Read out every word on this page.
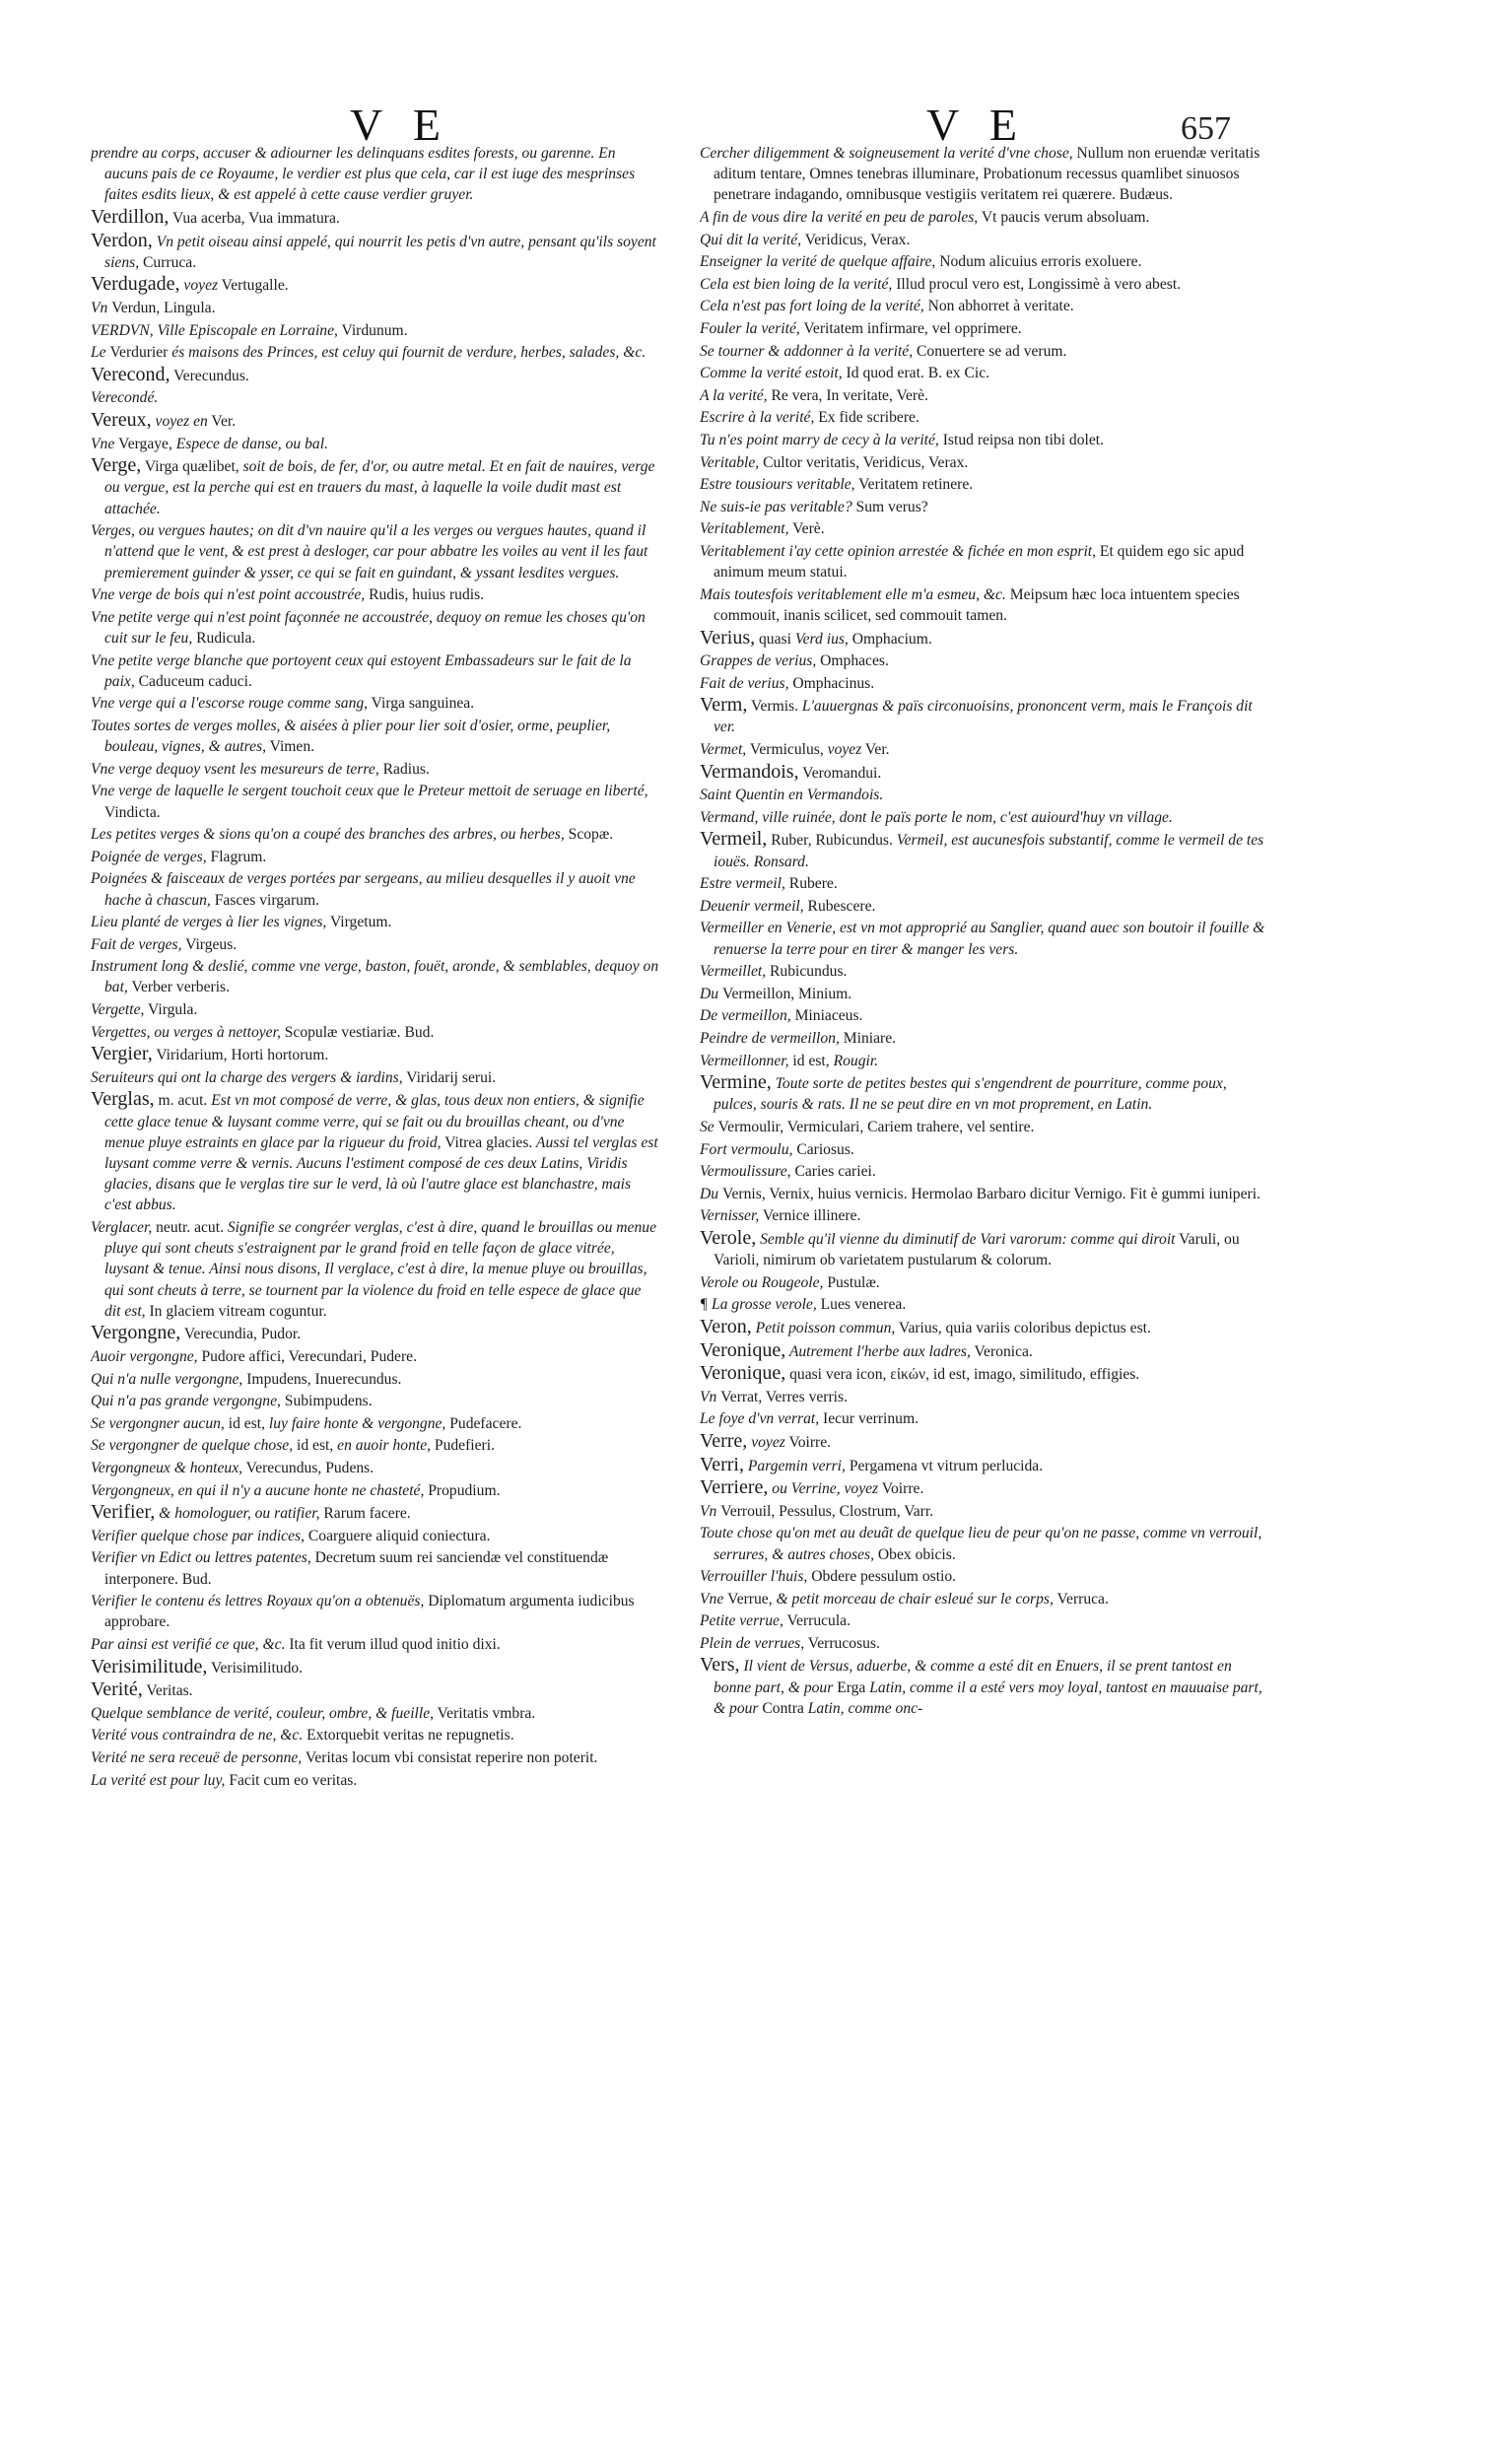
V E	V E	657

prendre au corps, accuser & adiourner les delinquans esdites forests, ou garenne. En aucuns pais de ce Royaume, le verdier est plus que cela, car il est iuge des mesprinses faites esdits lieux, & est appelé à cette cause verdier gruyer.

Verdillon, Vua acerba, Vua immatura.

Verdon, Vn petit oiseau ainsi appelé, qui nourrit les petis d'vn autre, pensant qu'ils soyent siens, Curruca.

Verdugade, voyez Vertugalle.

Vn Verdun, Lingula.

VERDVN, Ville Episcopale en Lorraine, Virdunum.

Le Verdurier és maisons des Princes, est celuy qui fournit de verdure, herbes, salades, &c.

Verecond, Verecundus.

Verecondé.

Vereux, voyez en Ver.

Vne Vergaye, Espece de danse, ou bal.

Verge, Virga quælibet, soit de bois, de fer, d'or, ou autre metal. Et en fait de nauires, verge ou vergue, est la perche qui est en trauers du mast, à laquelle la voile dudit mast est attachée.

Verges, ou vergues hautes; on dit d'vn nauire qu'il a les verges ou vergues hautes, quand il n'attend que le vent, & est prest à desloger, car pour abbatre les voiles au vent il les faut premierement guinder & ysser, ce qui se fait en guindant, & yssant lesdites vergues.

Vne verge de bois qui n'est point accoustrée, Rudis, huius rudis.

Vne petite verge qui n'est point façonnée ne accoustrée, dequoy on remue les choses qu'on cuit sur le feu, Rudicula.

Vne petite verge blanche que portoyent ceux qui estoyent Embassadeurs sur le fait de la paix, Caduceum caduci.

Vne verge qui a l'escorse rouge comme sang, Virga sanguinea.

Toutes sortes de verges molles, & aisées à plier pour lier soit d'osier, orme, peuplier, bouleau, vignes, & autres, Vimen.

Vne verge dequoy vsent les mesureurs de terre, Radius.

Vne verge de laquelle le sergent touchoit ceux que le Preteur mettoit de seruage en liberté, Vindicta.

Les petites verges & sions qu'on a coupé des branches des arbres, ou herbes, Scopæ.

Poignée de verges, Flagrum.

Poignées & faisceaux de verges portées par sergeans, au milieu desquelles il y auoit vne hache à chascun, Fasces virgarum.

Lieu planté de verges à lier les vignes, Virgetum.

Fait de verges, Virgeus.

Instrument long & deslié, comme vne verge, baston, fouët, aronde, & semblables, dequoy on bat, Verber verberis.

Vergette, Virgula.

Vergettes, ou verges à nettoyer, Scopulæ vestiariæ. Bud.

Vergier, Viridarium, Horti hortorum.

Seruiteurs qui ont la charge des vergers & iardins, Viridarij serui.

Verglas, m. acut. Est vn mot composé de verre, & glas, tous deux non entiers, & signifie cette glace tenue & luysant comme verre, qui se fait ou du brouillas cheant, ou d'vne menue pluye estraints en glace par la rigueur du froid, Vitrea glacies. Aussi tel verglas est luysant comme verre & vernis. Aucuns l'estiment composé de ces deux Latins, Viridis glacies, disans que le verglas tire sur le verd, là où l'autre glace est blanchastre, mais c'est abbus.

Verglacer, neutr. acut. Signifie se congréer verglas, c'est à dire, quand le brouillas ou menue pluye qui sont cheuts s'estraignent par le grand froid en telle façon de glace vitrée, luysant & tenue. Ainsi nous disons, Il verglace, c'est à dire, la menue pluye ou brouillas, qui sont cheuts à terre, se tournent par la violence du froid en telle espece de glace que dit est, In glaciem vitream coguntur.

Vergongne, Verecundia, Pudor.

Auoir vergongne, Pudore affici, Verecundari, Pudere.

Qui n'a nulle vergongne, Impudens, Inuerecundus.

Qui n'a pas grande vergongne, Subimpudens.

Se vergongner aucun, id est, luy faire honte & vergongne, Pudefacere.

Se vergongner de quelque chose, id est, en auoir honte, Pudefieri.

Vergongneux & honteux, Verecundus, Pudens.

Vergongneux, en qui il n'y a aucune honte ne chasteté, Propudium.

Verifier, & homologuer, ou ratifier, Rarum facere.

Verifier quelque chose par indices, Coarguere aliquid coniectura.

Verifier vn Edict ou lettres patentes, Decretum suum rei sanciendæ vel constituendæ interponere. Bud.

Verifier le contenu és lettres Royaux qu'on a obtenuës, Diplomatum argumenta iudicibus approbare.

Par ainsi est verifié ce que, &c. Ita fit verum illud quod initio dixi.

Verisimilitude, Verisimilitudo.

Verité, Veritas.

Quelque semblance de verité, couleur, ombre, & fueille, Veritatis vmbra.

Verité vous contraindra de ne, &c. Extorquebit veritas ne repugnetis.

Verité ne sera receuë de personne, Veritas locum vbi consistat reperire non poterit.

La verité est pour luy, Facit cum eo veritas.

Cercher diligemment & soigneusement la verité d'vne chose, Nullum non eruendæ veritatis aditum tentare, Omnes tenebras illuminare, Probationum recessus quamlibet sinuosos penetrare indagando, omnibusque vestigiis veritatem rei quærere. Budæus.

A fin de vous dire la verité en peu de paroles, Vt paucis verum absoluam.

Qui dit la verité, Veridicus, Verax.

Enseigner la verité de quelque affaire, Nodum alicuius erroris exoluere.

Cela est bien loing de la verité, Illud procul vero est, Longissimè à vero abest.

Cela n'est pas fort loing de la verité, Non abhorret à veritate.

Fouler la verité, Veritatem infirmare, vel opprimere.

Se tourner & addonner à la verité, Conuertere se ad verum.

Comme la verité estoit, Id quod erat. B. ex Cic.

A la verité, Re vera, In veritate, Verè.

Escrire à la verité, Ex fide scribere.

Tu n'es point marry de cecy à la verité, Istud reipsa non tibi dolet.

Veritable, Cultor veritatis, Veridicus, Verax.

Estre tousiours veritable, Veritatem retinere.

Ne suis-ie pas veritable? Sum verus?

Veritablement, Verè.

Veritablement i'ay cette opinion arrestée & fichée en mon esprit, Et quidem ego sic apud animum meum statui.

Mais toutesfois veritablement elle m'a esmeu, &c. Meipsum hæc loca intuentem species commouit, inanis scilicet, sed commouit tamen.

Verius, quasi Verd ius, Omphacium.

Grappes de verius, Omphaces.

Fait de verius, Omphacinus.

Verm, Vermis. L'auuergnas & païs circonuoisins, prononcent verm, mais le François dit ver.

Vermet, Vermiculus, voyez Ver.

Vermandois, Veromandui.

Saint Quentin en Vermandois.

Vermand, ville ruinée, dont le païs porte le nom, c'est auiourd'huy vn village.

Vermeil, Ruber, Rubicundus. Vermeil, est aucunesfois substantif, comme le vermeil de tes iouës. Ronsard.

Estre vermeil, Rubere.

Deuenir vermeil, Rubescere.

Vermeiller en Venerie, est vn mot approprié au Sanglier, quand auec son boutoir il fouille & renuerse la terre pour en tirer & manger les vers.

Vermeillet, Rubicundus.

Du Vermeillon, Minium.

De vermeillon, Miniaceus.

Peindre de vermeillon, Miniare.

Vermeillonner, id est, Rougir.

Vermine, Toute sorte de petites bestes qui s'engendrent de pourriture, comme poux, pulces, souris & rats. Il ne se peut dire en vn mot proprement, en Latin.

Se Vermoulir, Vermiculari, Cariem trahere, vel sentire.

Fort vermoulu, Cariosus.

Vermoulissure, Caries cariei.

Du Vernis, Vernix, huius vernicis. Hermolao Barbaro dicitur Vernigo. Fit è gummi iuniperi.

Vernisser, Vernice illinere.

Verole, Semble qu'il vienne du diminutif de Vari varorum: comme qui diroit Varuli, ou Varioli, nimirum ob varietatem pustularum & colorum.

Verole ou Rougeole, Pustulæ.

¶ La grosse verole, Lues venerea.

Veron, Petit poisson commun, Varius, quia variis coloribus depictus est.

Veronique, Autrement l'herbe aux ladres, Veronica.

Veronique, quasi vera icon, εἰκών, id est, imago, similitudo, effigies.

Vn Verrat, Verres verris.

Le foye d'vn verrat, Iecur verrinum.

Verre, voyez Voirre.

Verri, Pargemin verri, Pergamena vt vitrum perlucida.

Verriere, ou Verrine, voyez Voirre.

Vn Verrouil, Pessulus, Clostrum, Varr.

Toute chose qu'on met au deuãt de quelque lieu de peur qu'on ne passe, comme vn verrouil, serrures, & autres choses, Obex obicis.

Verrouiller l'huis, Obdere pessulum ostio.

Vne Verrue, & petit morceau de chair esleué sur le corps, Verruca.

Petite verrue, Verrucula.

Plein de verrues, Verrucosus.

Vers, Il vient de Versus, aduerbe, & comme a esté dit en Enuers, il se prent tantost en bonne part, & pour Erga Latin, comme il a esté vers moy loyal, tantost en mauuaise part, & pour Contra Latin, comme onc-
